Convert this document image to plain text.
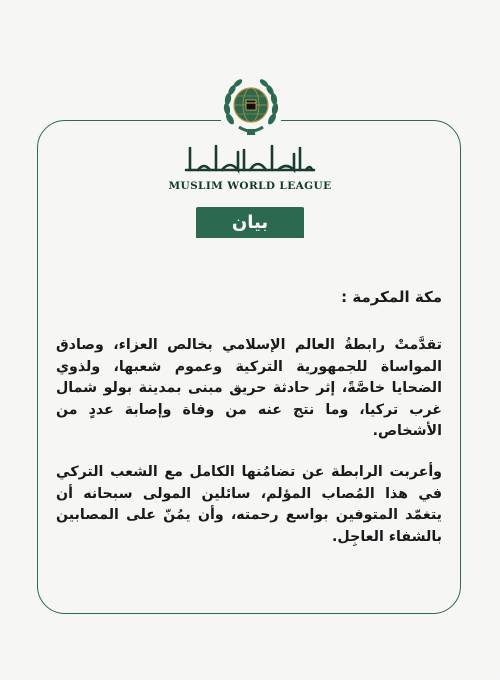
MUSLIM WORLD LEAGUE
بيان
مكة المكرمة :
تقدَّمتْ رابطةُ العالم الإسلامي بخالص العزاء، وصادق المواساة للجمهورية التركية وعموم شعبها، ولذوي الضحايا خاصَّةً، إثر حادثة حريق مبنى بمدينة بولو شمال غرب تركيا، وما نتج عنه من وفاة وإصابة عددٍ من الأشخاص.
وأعربت الرابطة عن تضامُنها الكامل مع الشعب التركي في هذا المُصاب المؤلم، سائلين المولى سبحانه أن يتغمّد المتوفين بواسع رحمته، وأن يمُنّ على المصابين بالشفاء العاجِل.
